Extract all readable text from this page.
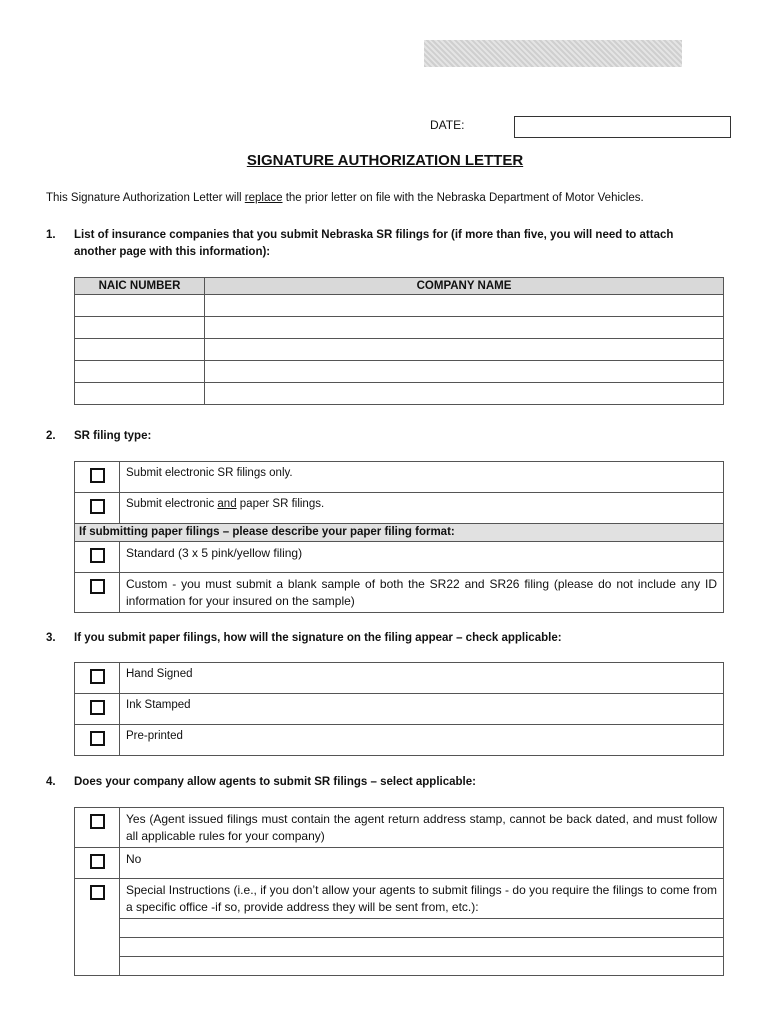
DATE:
SIGNATURE AUTHORIZATION LETTER
This Signature Authorization Letter will replace the prior letter on file with the Nebraska Department of Motor Vehicles.
1. List of insurance companies that you submit Nebraska SR filings for (if more than five, you will need to attach another page with this information):
NAIC NUMBER	COMPANY NAME

2. SR filing type:
	Submit electronic SR filings only.
	Submit electronic and paper SR filings.
If submitting paper filings – please describe your paper filing format:	
	Standard (3 x 5 pink/yellow filing)
	Custom - you must submit a blank sample of both the SR22 and SR26 filing (please do not include any ID information for your insured on the sample)
3. If you submit paper filings, how will the signature on the filing appear – check applicable:
	Hand Signed
	Ink Stamped
	Pre-printed
4. Does your company allow agents to submit SR filings – select applicable:
	Yes (Agent issued filings must contain the agent return address stamp, cannot be back dated, and must follow all applicable rules for your company)
	No
	Special Instructions (i.e., if you don’t allow your agents to submit filings - do you require the filings to come from a specific office -if so, provide address they will be sent from, etc.):
